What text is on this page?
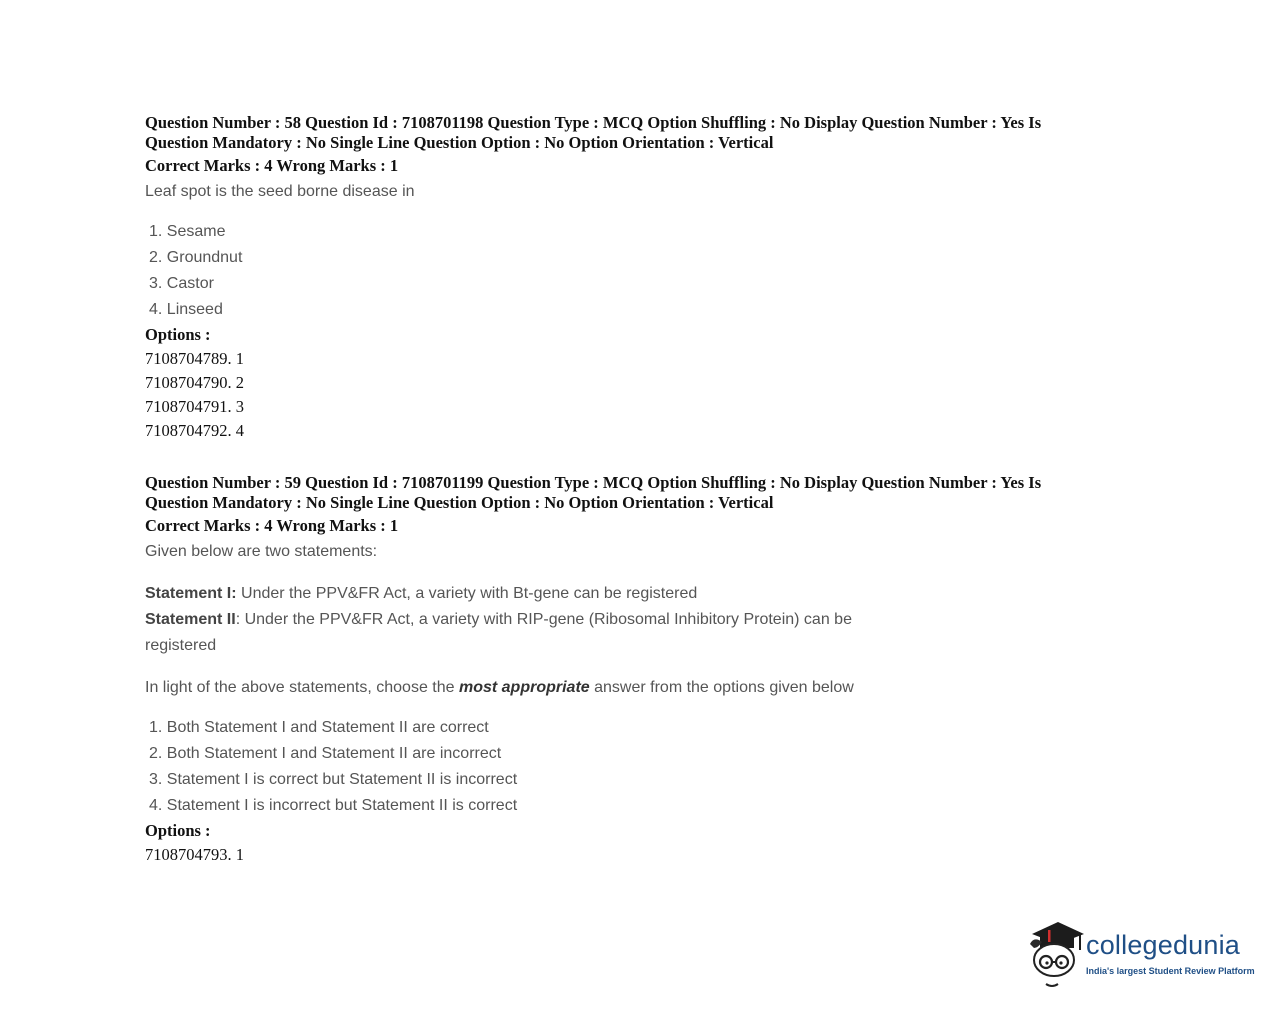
Question Number : 58 Question Id : 7108701198 Question Type : MCQ Option Shuffling : No Display Question Number : Yes Is Question Mandatory : No Single Line Question Option : No Option Orientation : Vertical
Correct Marks : 4 Wrong Marks : 1
Leaf spot is the seed borne disease in
1. Sesame
2. Groundnut
3. Castor
4. Linseed
Options :
7108704789. 1
7108704790. 2
7108704791. 3
7108704792. 4
Question Number : 59 Question Id : 7108701199 Question Type : MCQ Option Shuffling : No Display Question Number : Yes Is Question Mandatory : No Single Line Question Option : No Option Orientation : Vertical
Correct Marks : 4 Wrong Marks : 1
Given below are two statements:
Statement I: Under the PPV&FR Act, a variety with Bt-gene can be registered
Statement II: Under the PPV&FR Act, a variety with RIP-gene (Ribosomal Inhibitory Protein) can be registered
In light of the above statements, choose the most appropriate answer from the options given below
1. Both Statement I and Statement II are correct
2. Both Statement I and Statement II are incorrect
3. Statement I is correct but Statement II is incorrect
4. Statement I is incorrect but Statement II is correct
Options :
7108704793. 1
collegedunia
India's largest Student Review Platform
